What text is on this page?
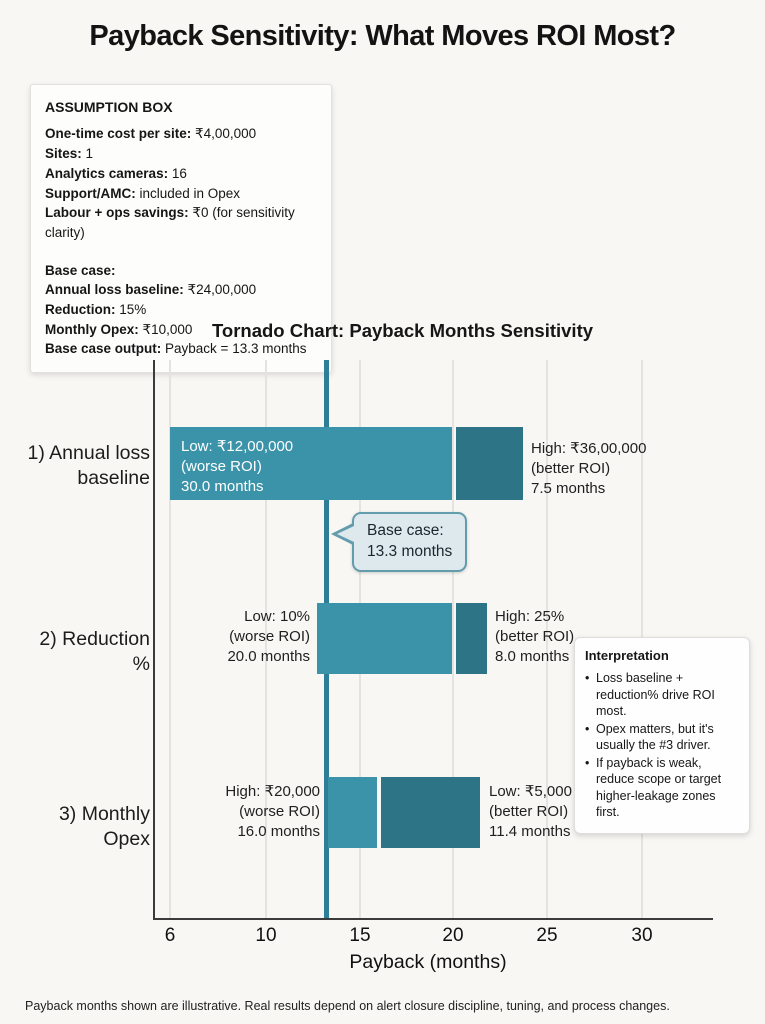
Payback Sensitivity: What Moves ROI Most?
ASSUMPTION BOX
One-time cost per site: ₹4,00,000
Sites: 1
Analytics cameras: 16
Support/AMC: included in Opex
Labour + ops savings: ₹0 (for sensitivity clarity)
Base case:
Annual loss baseline: ₹24,00,000
Reduction: 15%
Monthly Opex: ₹10,000
Base case output: Payback = 13.3 months
Tornado Chart: Payback Months Sensitivity
1) Annual loss baseline
2) Reduction %
3) Monthly Opex
Low: ₹12,00,000
(worse ROI)
30.0 months
High: ₹36,00,000
(better ROI)
7.5 months
Low: 10%
(worse ROI)
20.0 months
High: 25%
(better ROI)
8.0 months
High: ₹20,000
(worse ROI)
16.0 months
Low: ₹5,000
(better ROI)
11.4 months
Base case:
13.3 months
6	10	15	20	25	30
Payback (months)
Interpretation
• Loss baseline + reduction% drive ROI most.
• Opex matters, but it's usually the #3 driver.
• If payback is weak, reduce scope or target higher-leakage zones first.
Payback months shown are illustrative. Real results depend on alert closure discipline, tuning, and process changes.
